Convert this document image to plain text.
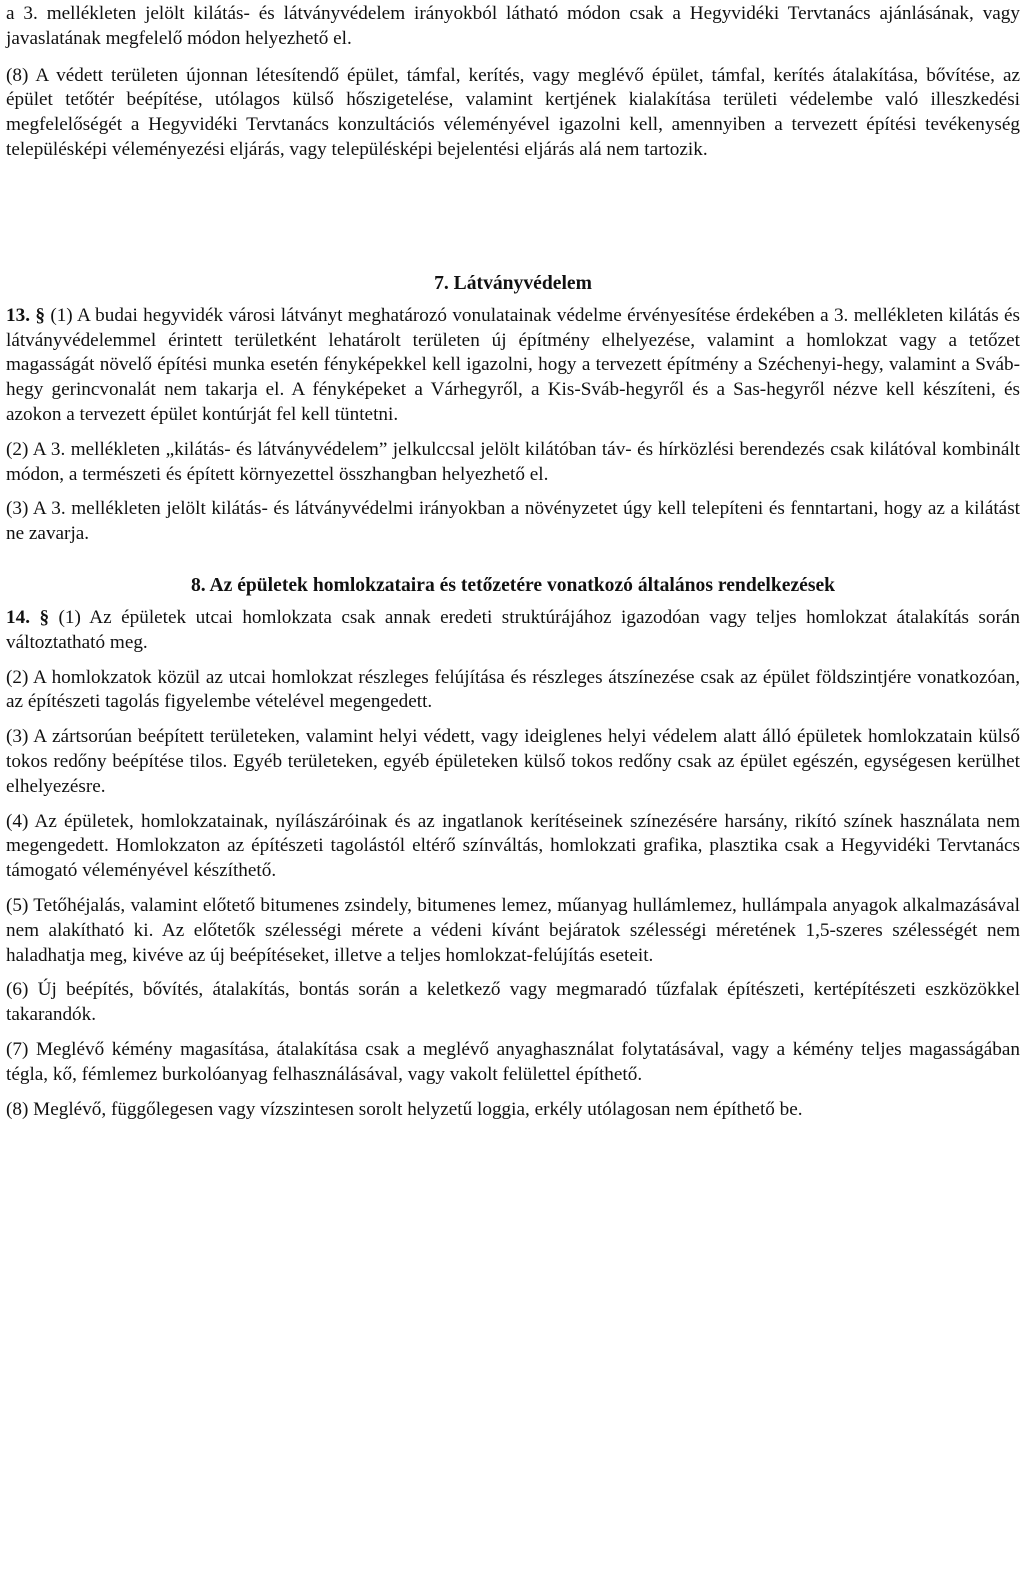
a 3. mellékleten jelölt kilátás- és látványvédelem irányokból látható módon csak a Hegyvidéki Tervtanács ajánlásának, vagy javaslatának megfelelő módon helyezhető el.

(8) A védett területen újonnan létesítendő épület, támfal, kerítés, vagy meglévő épület, támfal, kerítés átalakítása, bővítése, az épület tetőtér beépítése, utólagos külső hőszigetelése, valamint kertjének kialakítása területi védelembe való illeszkedési megfelelőségét a Hegyvidéki Tervtanács konzultációs véleményével igazolni kell, amennyiben a tervezett építési tevékenység településképi véleményezési eljárás, vagy településképi bejelentési eljárás alá nem tartozik.

7. Látványvédelem

13. § (1) A budai hegyvidék városi látványt meghatározó vonulatainak védelme érvényesítése érdekében a 3. mellékleten kilátás és látványvédelemmel érintett területként lehatárolt területen új építmény elhelyezése, valamint a homlokzat vagy a tetőzet magasságát növelő építési munka esetén fényképekkel kell igazolni, hogy a tervezett építmény a Széchenyi-hegy, valamint a Sváb-hegy gerincvonalát nem takarja el. A fényképeket a Várhegyről, a Kis-Sváb-hegyről és a Sas-hegyről nézve kell készíteni, és azokon a tervezett épület kontúrját fel kell tüntetni.

(2) A 3. mellékleten „kilátás- és látványvédelem” jelkulccsal jelölt kilátóban táv- és hírközlési berendezés csak kilátóval kombinált módon, a természeti és épített környezettel összhangban helyezhető el.

(3) A 3. mellékleten jelölt kilátás- és látványvédelmi irányokban a növényzetet úgy kell telepíteni és fenntartani, hogy az a kilátást ne zavarja.

8. Az épületek homlokzataira és tetőzetére vonatkozó általános rendelkezések

14. § (1) Az épületek utcai homlokzata csak annak eredeti struktúrájához igazodóan vagy teljes homlokzat átalakítás során változtatható meg.

(2) A homlokzatok közül az utcai homlokzat részleges felújítása és részleges átszínezése csak az épület földszintjére vonatkozóan, az építészeti tagolás figyelembe vételével megengedett.

(3) A zártsorúan beépített területeken, valamint helyi védett, vagy ideiglenes helyi védelem alatt álló épületek homlokzatain külső tokos redőny beépítése tilos. Egyéb területeken, egyéb épületeken külső tokos redőny csak az épület egészén, egységesen kerülhet elhelyezésre.

(4) Az épületek, homlokzatainak, nyílászáróinak és az ingatlanok kerítéseinek színezésére harsány, rikító színek használata nem megengedett. Homlokzaton az építészeti tagolástól eltérő színváltás, homlokzati grafika, plasztika csak a Hegyvidéki Tervtanács támogató véleményével készíthető.

(5) Tetőhéjalás, valamint előtető bitumenes zsindely, bitumenes lemez, műanyag hullámlemez, hullámpala anyagok alkalmazásával nem alakítható ki. Az előtetők szélességi mérete a védeni kívánt bejáratok szélességi méretének 1,5-szeres szélességét nem haladhatja meg, kivéve az új beépítéseket, illetve a teljes homlokzat-felújítás eseteit.

(6) Új beépítés, bővítés, átalakítás, bontás során a keletkező vagy megmaradó tűzfalak építészeti, kertépítészeti eszközökkel takarandók.

(7) Meglévő kémény magasítása, átalakítása csak a meglévő anyaghasználat folytatásával, vagy a kémény teljes magasságában tégla, kő, fémlemez burkolóanyag felhasználásával, vagy vakolt felülettel építhető.

(8) Meglévő, függőlegesen vagy vízszintesen sorolt helyzetű loggia, erkély utólagosan nem építhető be.
